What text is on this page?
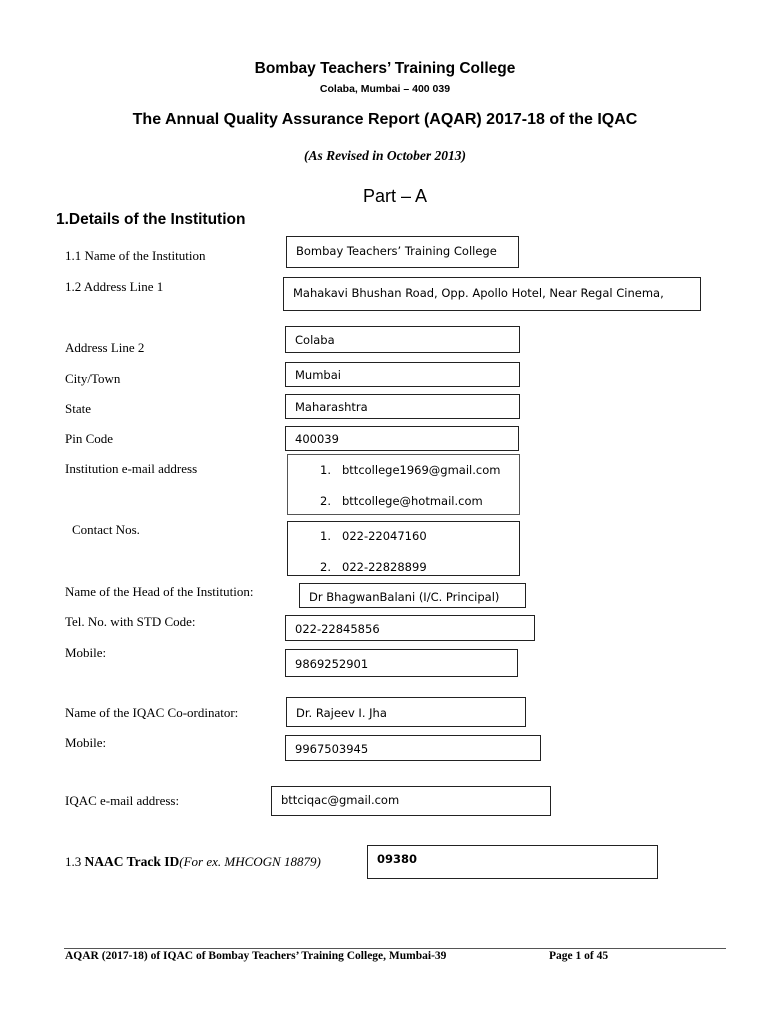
Bombay Teachers’ Training College
Colaba, Mumbai – 400 039
The Annual Quality Assurance Report (AQAR) 2017-18 of the IQAC
(As Revised in October 2013)
Part – A
1.Details of the Institution
1.1 Name of the Institution	Bombay Teachers’ Training College
1.2 Address Line 1	Mahakavi Bhushan Road, Opp. Apollo Hotel, Near Regal Cinema,
Address Line 2	Colaba
City/Town	Mumbai
State	Maharashtra
Pin Code	400039
Institution e-mail address	1. bttcollege1969@gmail.com
2. bttcollege@hotmail.com
Contact Nos.	1. 022-22047160
2. 022-22828899
Name of the Head of the Institution:	Dr BhagwanBalani (I/C. Principal)
Tel. No. with STD Code:	022-22845856
Mobile:
9869252901
Name of the IQAC Co-ordinator:	Dr. Rajeev I. Jha
Mobile:	9967503945
IQAC e-mail address:	bttciqac@gmail.com
1.3 NAAC Track ID(For ex. MHCOGN 18879)	09380
AQAR (2017-18) of IQAC of Bombay Teachers’ Training College, Mumbai-39	Page 1 of 45
